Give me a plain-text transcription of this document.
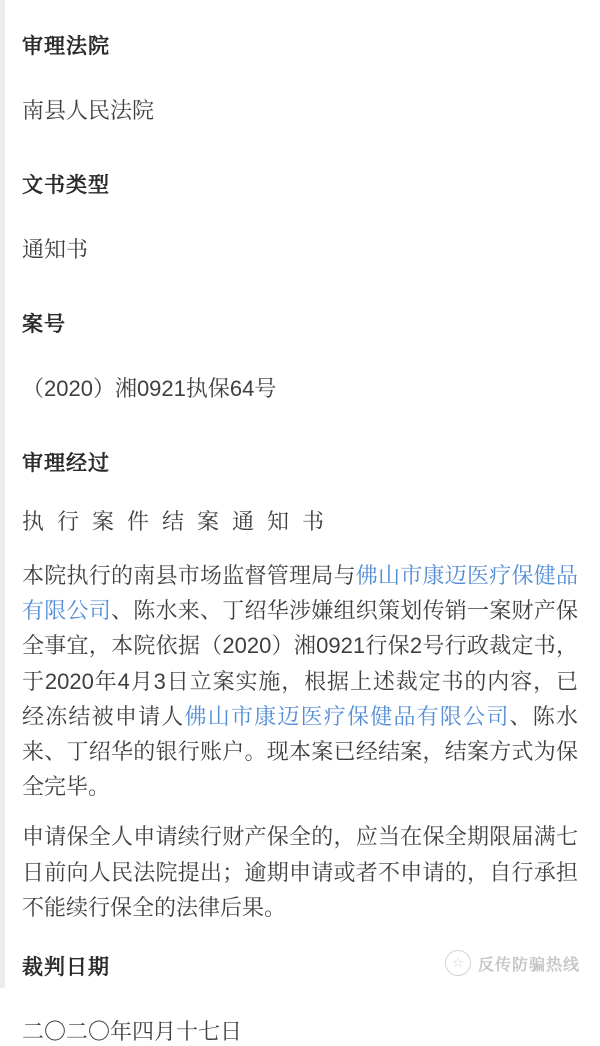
审理法院

南县人民法院

文书类型

通知书

案号

（2020）湘0921执保64号

审理经过

执行案件结案通知书

本院执行的南县市场监督管理局与佛山市康迈医疗保健品有限公司、陈水来、丁绍华涉嫌组织策划传销一案财产保全事宜，本院依据（2020）湘0921行保2号行政裁定书，于2020年4月3日立案实施，根据上述裁定书的内容，已经冻结被申请人佛山市康迈医疗保健品有限公司、陈水来、丁绍华的银行账户。现本案已经结案，结案方式为保全完毕。

申请保全人申请续行财产保全的，应当在保全期限届满七日前向人民法院提出；逾期申请或者不申请的，自行承担不能续行保全的法律后果。

裁判日期

二〇二〇年四月十七日

☆ 反传防骗热线
